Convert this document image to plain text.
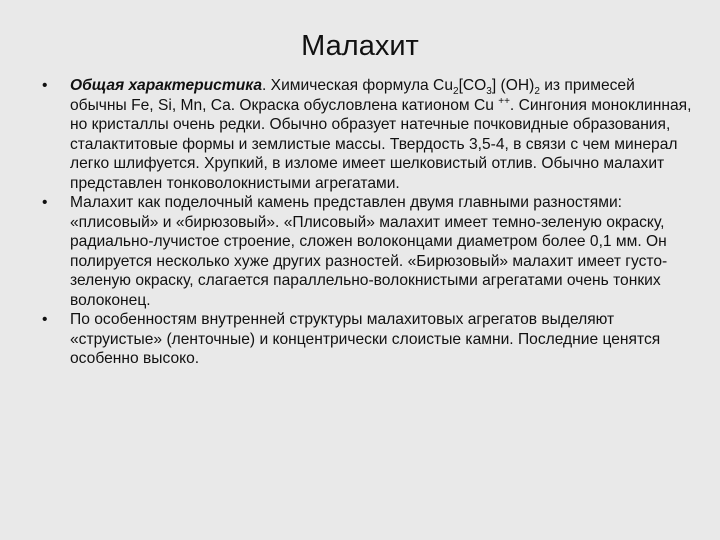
Малахит
•	Общая характеристика. Химическая формула $Cu_2[CO_3]$ $(OH)_2$ из примесей обычны Fe, Si, Mn, Ca. Окраска обусловлена катионом Cu ++. Сингония моноклинная, но кристаллы очень редки. Обычно образует натечные почковидные образования, сталактитовые формы и землистые массы. Твердость 3,5-4, в связи с чем минерал легко шлифуется. Хрупкий, в изломе имеет шелковистый отлив. Обычно малахит представлен тонковолокнистыми агрегатами.
•	Малахит как поделочный камень представлен двумя главными разностями: «плисовый» и «бирюзовый». «Плисовый» малахит имеет темно-зеленую окраску, радиально-лучистое строение, сложен волоконцами диаметром более 0,1 мм. Он полируется несколько хуже других разностей. «Бирюзовый» малахит имеет густо-зеленую окраску, слагается параллельно-волокнистыми агрегатами очень тонких волоконец.
•	По особенностям внутренней структуры малахитовых агрегатов выделяют «струистые» (ленточные) и концентрически слоистые камни. Последние ценятся особенно высоко.
